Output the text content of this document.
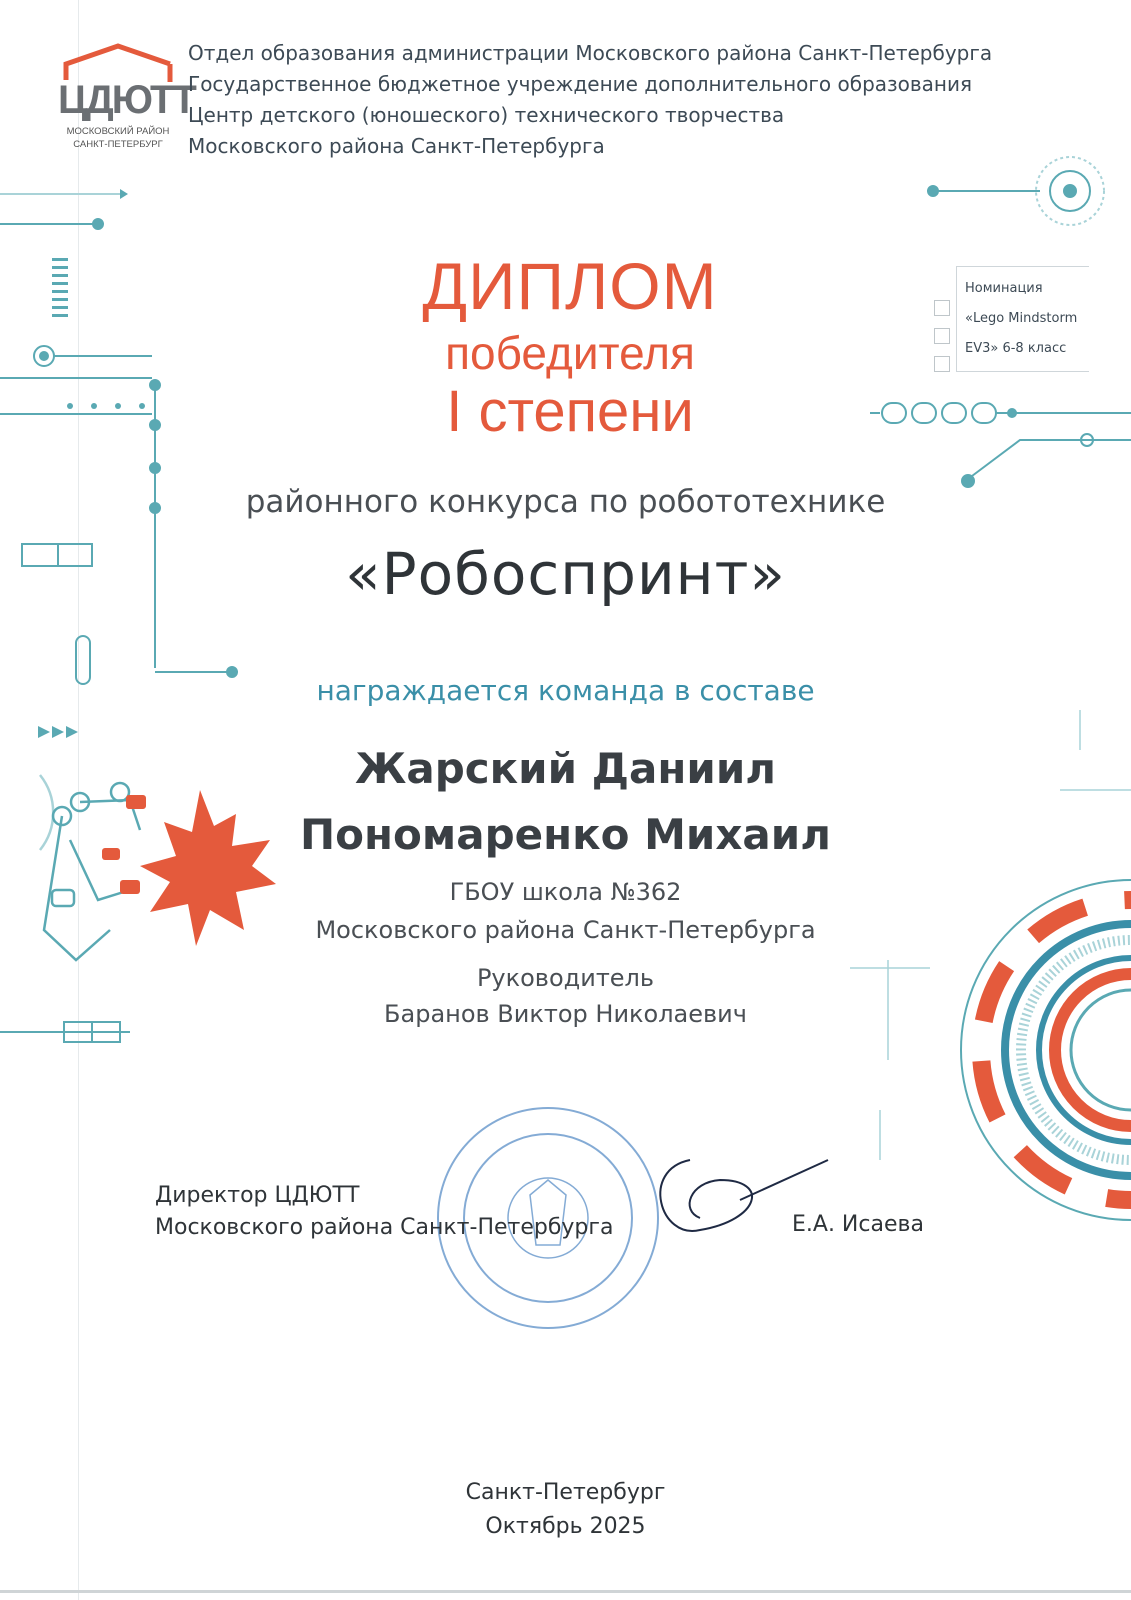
ЦДЮТТ
МОСКОВСКИЙ РАЙОН
САНКТ-ПЕТЕРБУРГ
Отдел образования администрации Московского района Санкт-Петербурга
Государственное бюджетное учреждение дополнительного образования
Центр детского (юношеского) технического творчества
Московского района Санкт-Петербурга
Номинация
«Lego Mindstorm
EV3» 6-8 класс
ДИПЛОМ
победителя
I степени
районного конкурса по робототехнике
«Робоспринт»
награждается команда в составе
Жарский Даниил
Пономаренко Михаил
ГБОУ школа №362
Московского района Санкт-Петербурга
Руководитель
Баранов Виктор Николаевич
Директор ЦДЮТТ
Московского района Санкт-Петербурга	Е.А. Исаева
Санкт-Петербург
Октябрь 2025
